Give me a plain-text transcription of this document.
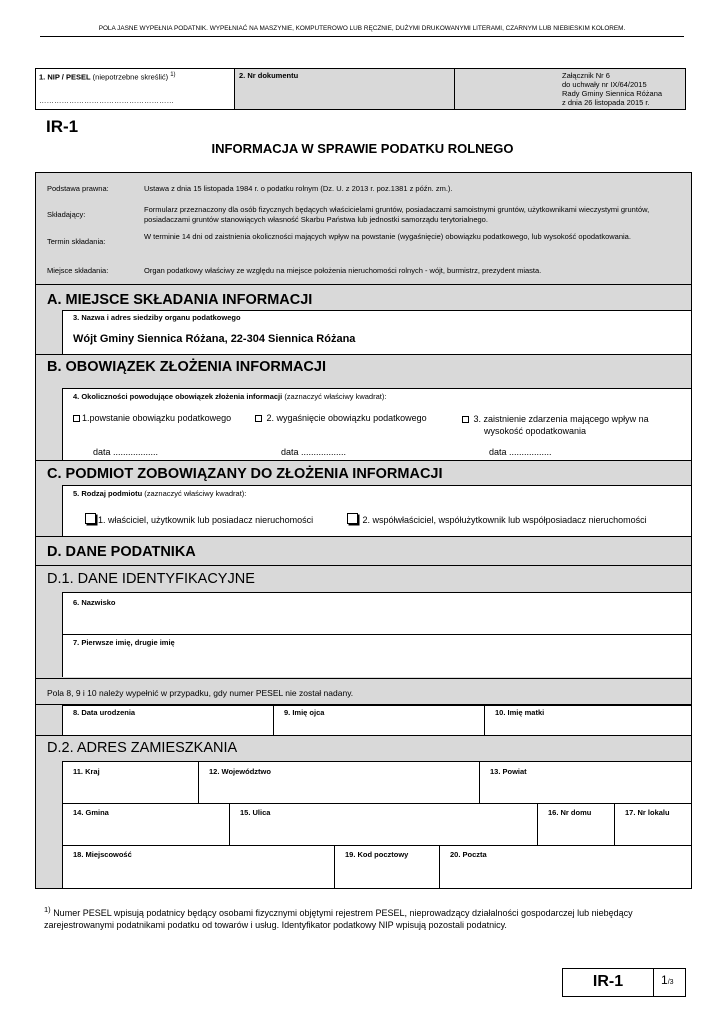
POLA JASNE WYPEŁNIA PODATNIK. WYPEŁNIAĆ NA MASZYNIE, KOMPUTEROWO LUB RĘCZNIE, DUŻYMI DRUKOWANYMI LITERAMI, CZARNYM LUB NIEBIESKIM KOLOREM.
1. NIP / PESEL (niepotrzebne skreślić) $^{1)}$
………………………………………………
2. Nr dokumentu	Załącznik Nr 6
do uchwały nr IX/64/2015
Rady Gminy Siennica Różana
z dnia 26 listopada 2015 r.
IR-1
INFORMACJA W SPRAWIE PODATKU ROLNEGO
Podstawa prawna:	Ustawa z dnia 15 listopada 1984 r. o podatku rolnym (Dz. U. z 2013 r. poz.1381 z późn. zm.).
Składający:
Formularz przeznaczony dla osób fizycznych będących właścicielami gruntów, posiadaczami samoistnymi gruntów, użytkownikami wieczystymi gruntów, posiadaczami gruntów stanowiących własność Skarbu Państwa lub jednostki samorządu terytorialnego.
Termin składania:
W terminie 14 dni od zaistnienia okoliczności mających wpływ na powstanie (wygaśnięcie) obowiązku podatkowego, lub wysokość opodatkowania.
Miejsce składania:	Organ podatkowy właściwy ze względu na miejsce położenia nieruchomości rolnych - wójt, burmistrz, prezydent miasta.
A. MIEJSCE SKŁADANIA INFORMACJI
3. Nazwa i adres siedziby organu podatkowego
Wójt Gminy Siennica Różana, 22-304 Siennica Różana
B. OBOWIĄZEK ZŁOŻENIA INFORMACJI
4. Okoliczności powodujące obowiązek złożenia informacji (zaznaczyć właściwy kwadrat):
1.powstanie obowiązku podatkowego	2. wygaśnięcie obowiązku podatkowego	3. zaistnienie zdarzenia mającego wpływ na
wysokość opodatkowania
data ..................	data ..................	data .................
C. PODMIOT ZOBOWIĄZANY DO ZŁOŻENIA INFORMACJI
5. Rodzaj podmiotu (zaznaczyć właściwy kwadrat):
1. właściciel, użytkownik lub posiadacz nieruchomości	2. współwłaściciel, współużytkownik lub współposiadacz nieruchomości
D. DANE PODATNIKA
D.1. DANE IDENTYFIKACYJNE
6. Nazwisko
7. Pierwsze imię, drugie imię
Pola 8, 9 i 10 należy wypełnić w przypadku, gdy numer PESEL nie został nadany.
8. Data urodzenia	9. Imię ojca	10. Imię matki
D.2. ADRES ZAMIESZKANIA
11. Kraj	12. Województwo	13. Powiat
14. Gmina	15. Ulica	16. Nr domu	17. Nr lokalu
18. Miejscowość	19. Kod pocztowy	20. Poczta
$^{1)}$ Numer PESEL wpisują podatnicy będący osobami fizycznymi objętymi rejestrem PESEL, nieprowadzący działalności gospodarczej lub niebędący zarejestrowanymi podatnikami podatku od towarów i usług. Identyfikator podatkowy NIP wpisują pozostali podatnicy.
IR-1	1/3
